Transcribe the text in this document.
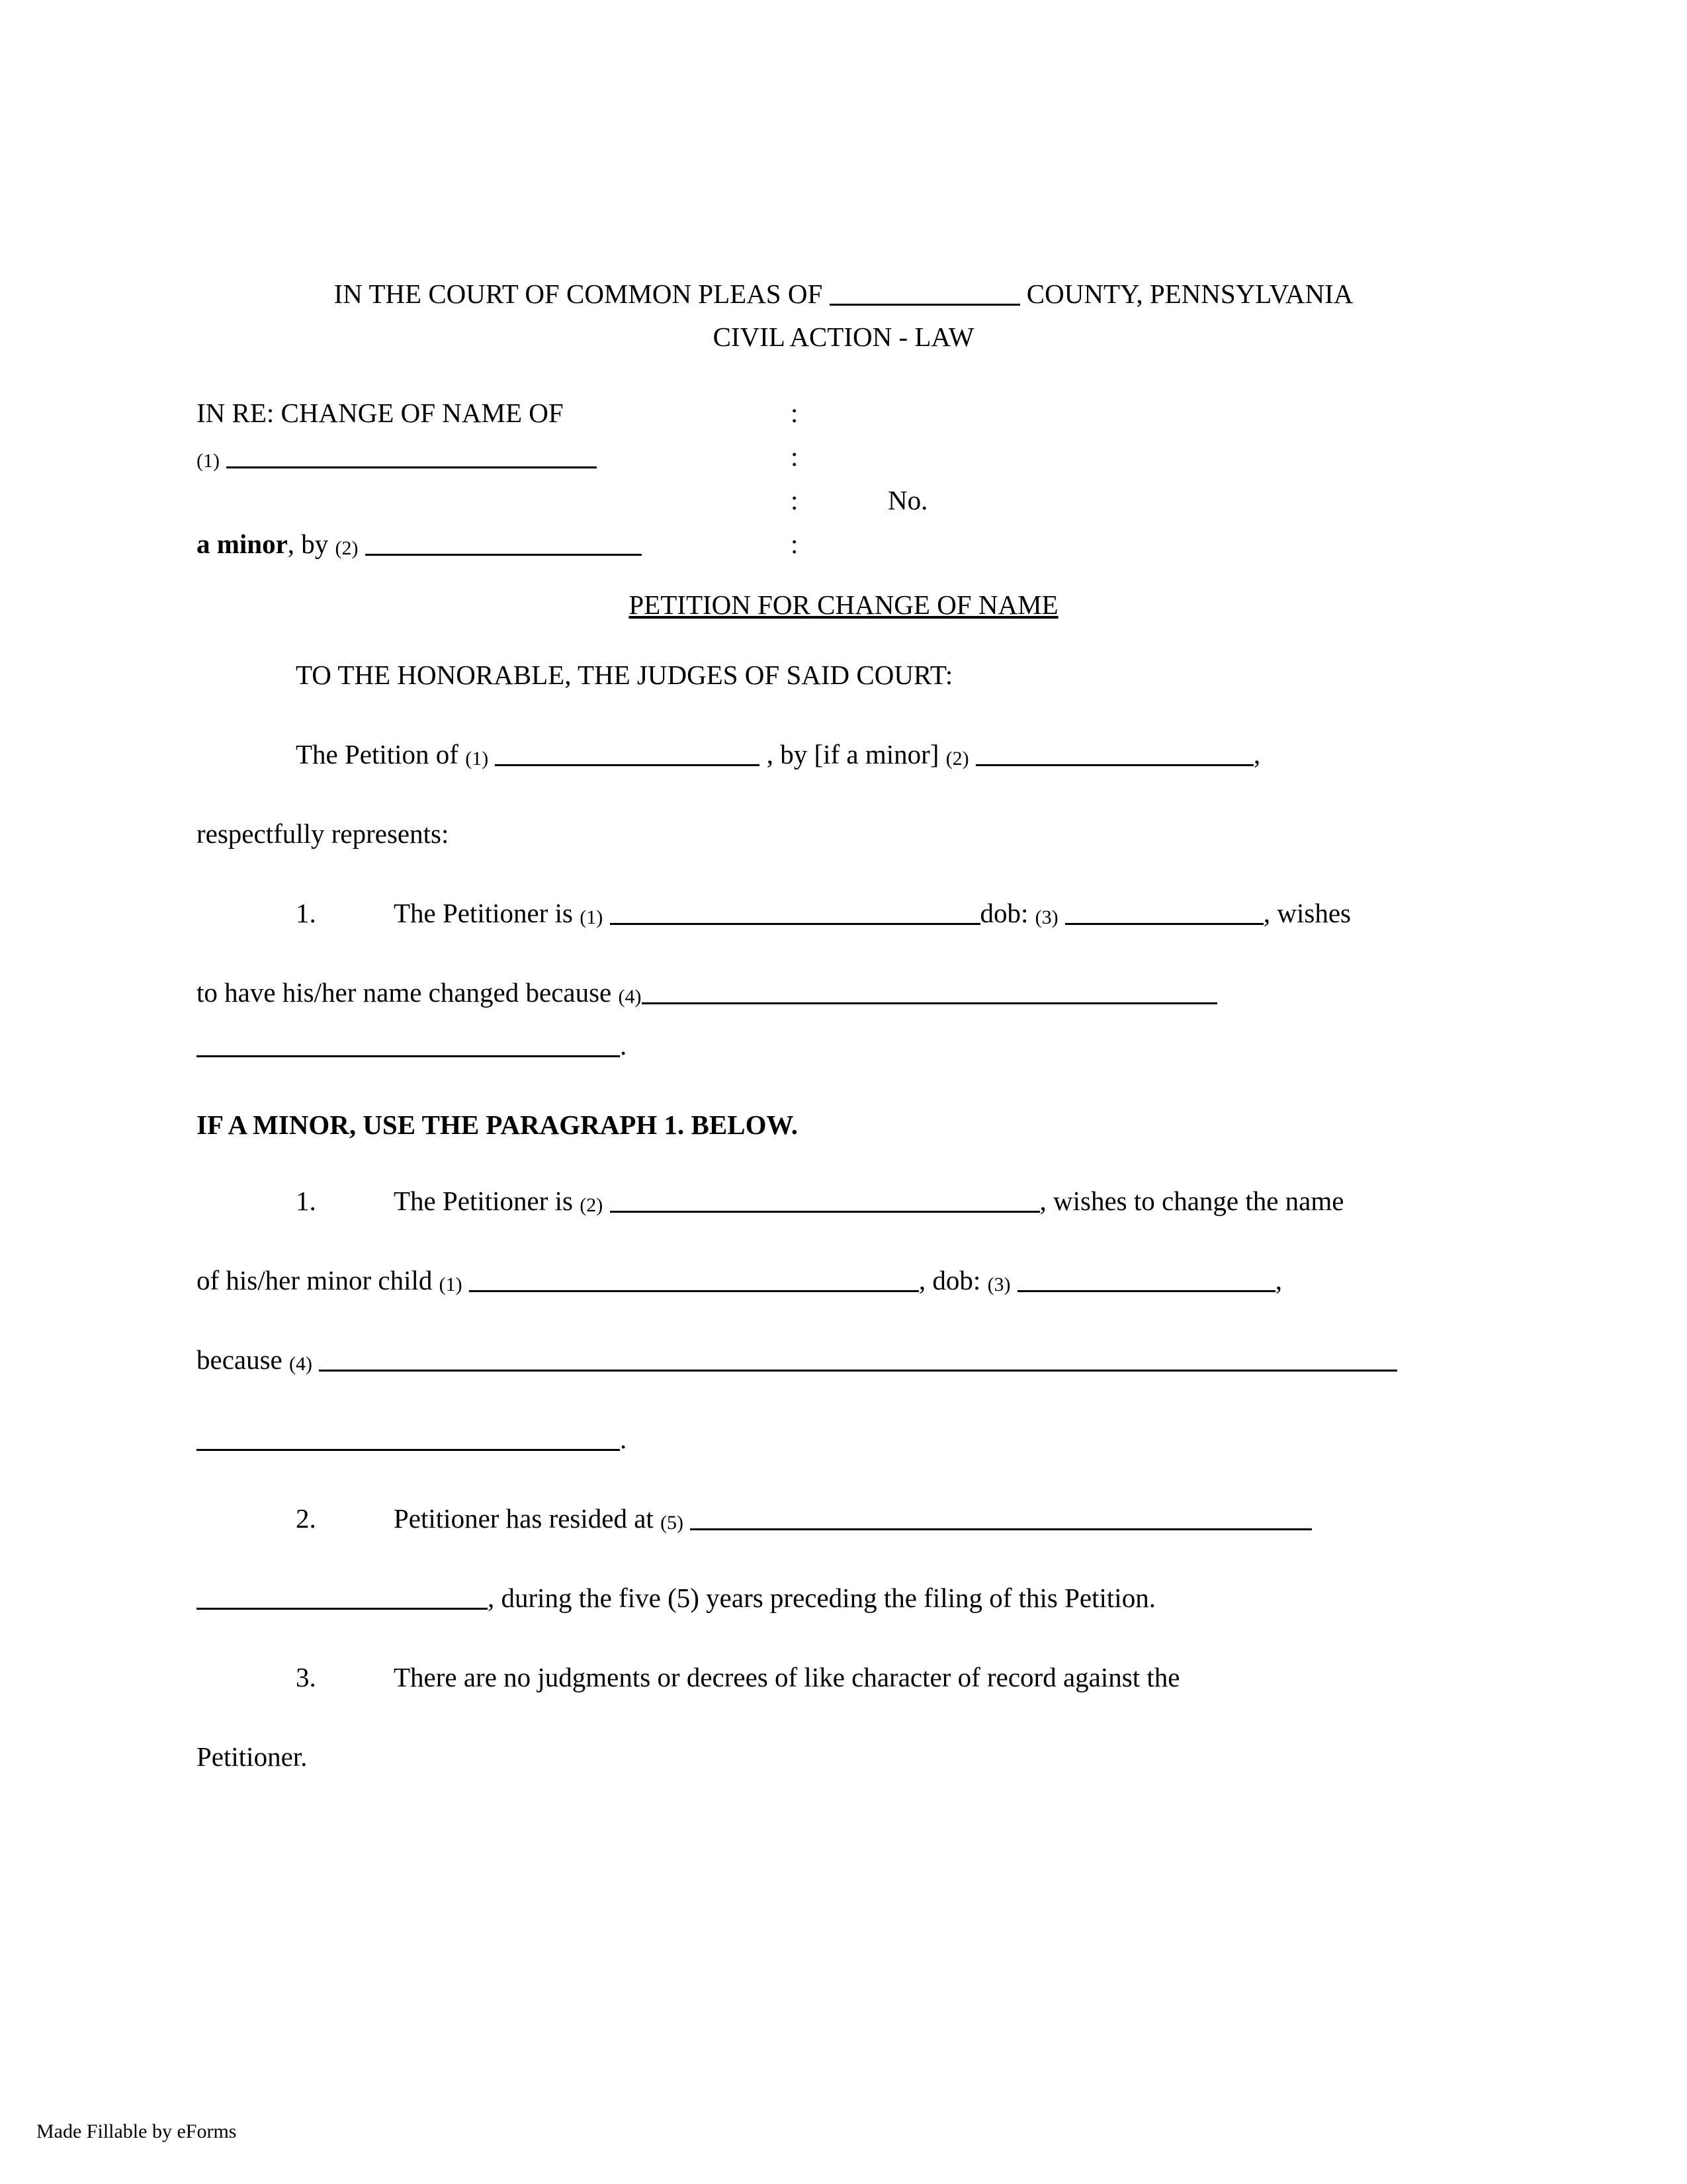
IN THE COURT OF COMMON PLEAS OF	COUNTY, PENNSYLVANIA
CIVIL ACTION - LAW
IN RE: CHANGE OF NAME OF	:
(1)	:
:	No.
a minor, by (2)	:
PETITION FOR CHANGE OF NAME
TO THE HONORABLE, THE JUDGES OF SAID COURT:
The Petition of (1)	, by [if a minor] (2)	,
respectfully represents:
1.	The Petitioner is (1)	dob: (3)	, wishes
to have his/her name changed because (4)
.
IF A MINOR, USE THE PARAGRAPH 1. BELOW.
1.	The Petitioner is (2)	, wishes to change the name
of his/her minor child (1)	, dob: (3)	,
because (4)
.
2.	Petitioner has resided at (5)
, during the five (5) years preceding the filing of this Petition.
3.	There are no judgments or decrees of like character of record against the
Petitioner.
Made Fillable by eForms
